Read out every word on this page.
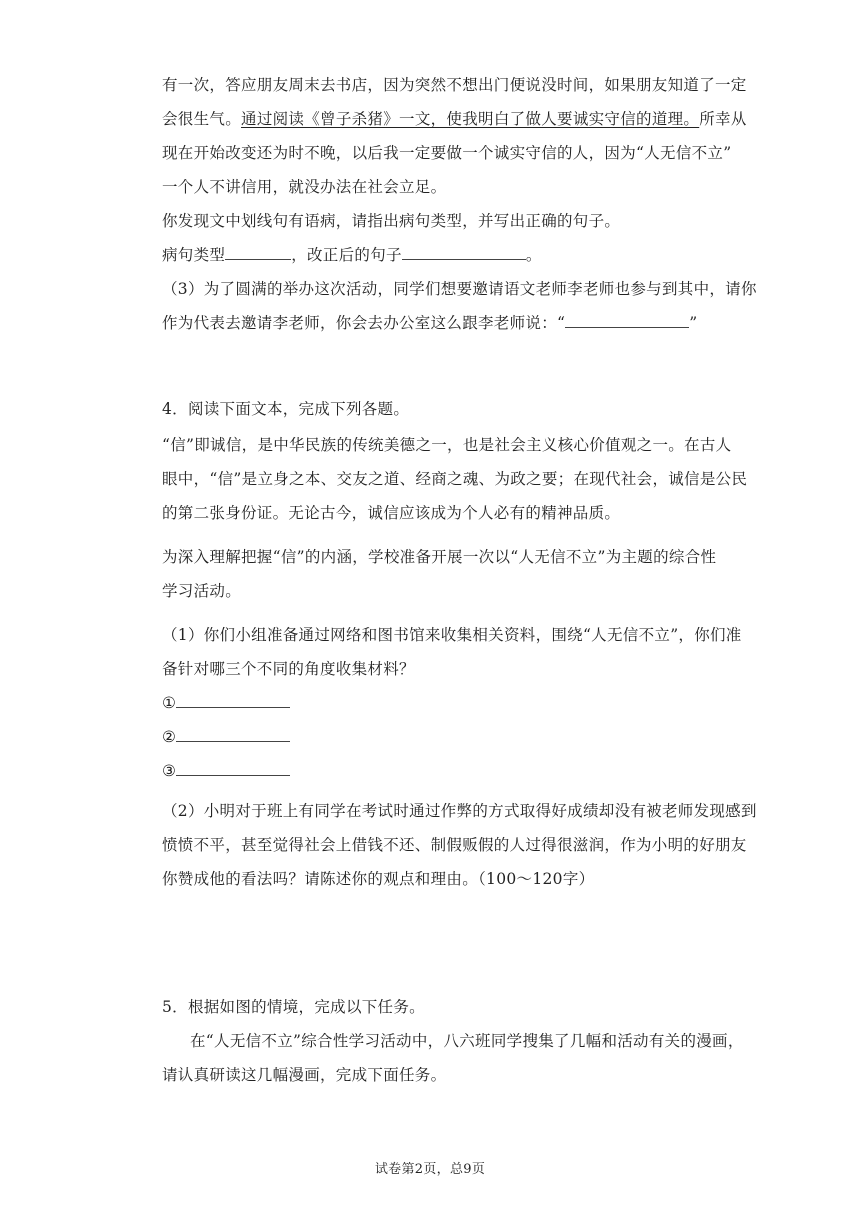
有一次，答应朋友周末去书店，因为突然不想出门便说没时间，如果朋友知道了一定
会很生气。通过阅读《曾子杀猪》一文，使我明白了做人要诚实守信的道理。所幸从
现在开始改变还为时不晚，以后我一定要做一个诚实守信的人，因为“人无信不立”
一个人不讲信用，就没办法在社会立足。
你发现文中划线句有语病，请指出病句类型，并写出正确的句子。
病句类型	，改正后的句子	。
（3）为了圆满的举办这次活动，同学们想要邀请语文老师李老师也参与到其中，请你
作为代表去邀请李老师，你会去办公室这么跟李老师说：“	”
4．阅读下面文本，完成下列各题。
“信”即诚信，是中华民族的传统美德之一，也是社会主义核心价值观之一。在古人
眼中，“信”是立身之本、交友之道、经商之魂、为政之要；在现代社会，诚信是公民
的第二张身份证。无论古今，诚信应该成为个人必有的精神品质。
为深入理解把握“信”的内涵，学校准备开展一次以“人无信不立”为主题的综合性
学习活动。
（1）你们小组准备通过网络和图书馆来收集相关资料，围绕“人无信不立”，你们准
备针对哪三个不同的角度收集材料？
①
②
③
（2）小明对于班上有同学在考试时通过作弊的方式取得好成绩却没有被老师发现感到
愤愤不平，甚至觉得社会上借钱不还、制假贩假的人过得很滋润，作为小明的好朋友
你赞成他的看法吗？请陈述你的观点和理由。（100～120字）
5．根据如图的情境，完成以下任务。
在“人无信不立”综合性学习活动中，八六班同学搜集了几幅和活动有关的漫画，
请认真研读这几幅漫画，完成下面任务。
试卷第2页，总9页
